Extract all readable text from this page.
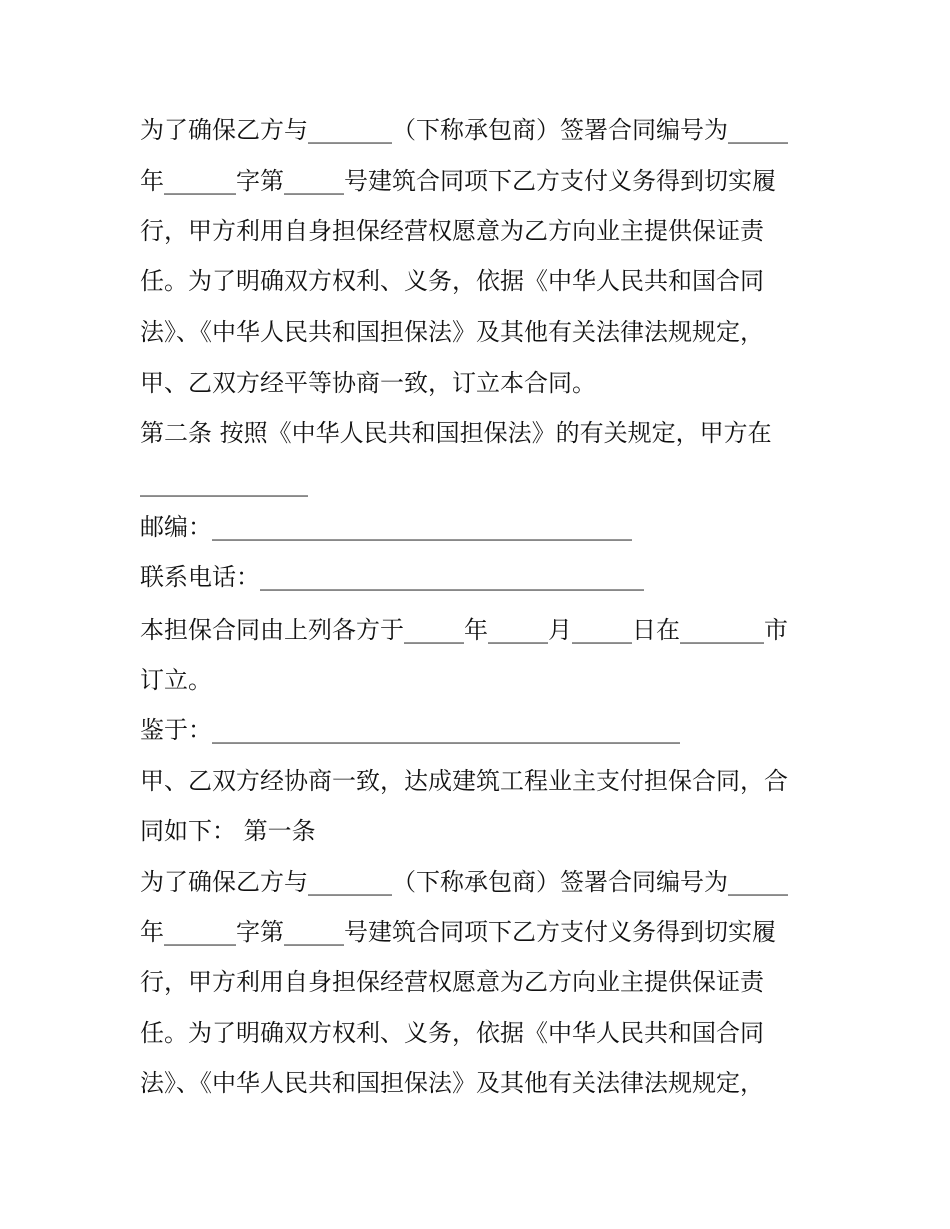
为了确保乙方与_______（下称承包商）签署合同编号为_____
年______字第_____号建筑合同项下乙方支付义务得到切实履
行，甲方利用自身担保经营权愿意为乙方向业主提供保证责
任。为了明确双方权利、义务，依据《中华人民共和国合同
法》、《中华人民共和国担保法》及其他有关法律法规规定，
甲、乙双方经平等协商一致，订立本合同。
第二条 按照《中华人民共和国担保法》的有关规定，甲方在
______________
邮编：___________________________________
联系电话：________________________________
本担保合同由上列各方于_____年_____月_____日在_______市
订立。
鉴于：_______________________________________
甲、乙双方经协商一致，达成建筑工程业主支付担保合同，合
同如下： 第一条
为了确保乙方与_______（下称承包商）签署合同编号为_____
年______字第_____号建筑合同项下乙方支付义务得到切实履
行，甲方利用自身担保经营权愿意为乙方向业主提供保证责
任。为了明确双方权利、义务，依据《中华人民共和国合同
法》、《中华人民共和国担保法》及其他有关法律法规规定，
